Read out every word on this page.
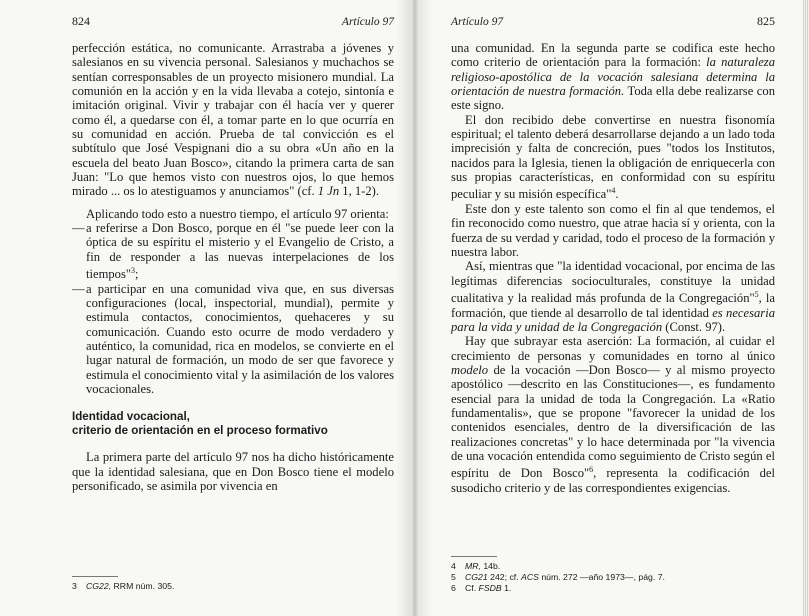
824	Artículo 97

perfección estática, no comunicante. Arrastraba a jóvenes y salesianos en su vivencia personal. Salesianos y muchachos se sentían corresponsables de un proyecto misionero mundial. La comunión en la acción y en la vida llevaba a cotejo, sintonía e imitación original. Vivir y trabajar con él hacía ver y querer como él, a quedarse con él, a tomar parte en lo que ocurría en su comunidad en acción. Prueba de tal convicción es el subtítulo que José Vespignani dio a su obra «Un año en la escuela del beato Juan Bosco», citando la primera carta de san Juan: "Lo que hemos visto con nuestros ojos, lo que hemos mirado ... os lo atestiguamos y anunciamos" (cf. 1 Jn 1, 1-2).

Aplicando todo esto a nuestro tiempo, el artículo 97 orienta:

— a referirse a Don Bosco, porque en él "se puede leer con la óptica de su espíritu el misterio y el Evangelio de Cristo, a fin de responder a las nuevas interpelaciones de los tiempos"$^3$;

— a participar en una comunidad viva que, en sus diversas configuraciones (local, inspectorial, mundial), permite y estimula contactos, conocimientos, quehaceres y su comunicación. Cuando esto ocurre de modo verdadero y auténtico, la comunidad, rica en modelos, se convierte en el lugar natural de formación, un modo de ser que favorece y estimula el conocimiento vital y la asimilación de los valores vocacionales.

Identidad vocacional,
criterio de orientación en el proceso formativo

La primera parte del artículo 97 nos ha dicho históricamente que la identidad salesiana, que en Don Bosco tiene el modelo personificado, se asimila por vivencia en

3 CG22, RRM núm. 305.
Artículo 97	825

una comunidad. En la segunda parte se codifica este hecho como criterio de orientación para la formación: la naturaleza religioso-apostólica de la vocación salesiana determina la orientación de nuestra formación. Toda ella debe realizarse con este signo.

El don recibido debe convertirse en nuestra fisonomía espiritual; el talento deberá desarrollarse dejando a un lado toda imprecisión y falta de concreción, pues "todos los Institutos, nacidos para la Iglesia, tienen la obligación de enriquecerla con sus propias características, en conformidad con su espíritu peculiar y su misión específica"$^4$.

Este don y este talento son como el fin al que tendemos, el fin reconocido como nuestro, que atrae hacia sí y orienta, con la fuerza de su verdad y caridad, todo el proceso de la formación y nuestra labor.

Así, mientras que "la identidad vocacional, por encima de las legítimas diferencias socioculturales, constituye la unidad cualitativa y la realidad más profunda de la Congregación"$^5$, la formación, que tiende al desarrollo de tal identidad es necesaria para la vida y unidad de la Congregación (Const. 97).

Hay que subrayar esta aserción: La formación, al cuidar el crecimiento de personas y comunidades en torno al único modelo de la vocación —Don Bosco— y al mismo proyecto apostólico —descrito en las Constituciones—, es fundamento esencial para la unidad de toda la Congregación. La «Ratio fundamentalis», que se propone "favorecer la unidad de los contenidos esenciales, dentro de la diversificación de las realizaciones concretas" y lo hace determinada por "la vivencia de una vocación entendida como seguimiento de Cristo según el espíritu de Don Bosco"$^6$, representa la codificación del susodicho criterio y de las correspondientes exigencias.

4 MR, 14b.
5 CG21 242; cf. ACS núm. 272 —año 1973—, pág. 7.
6 Cf. FSDB 1.
